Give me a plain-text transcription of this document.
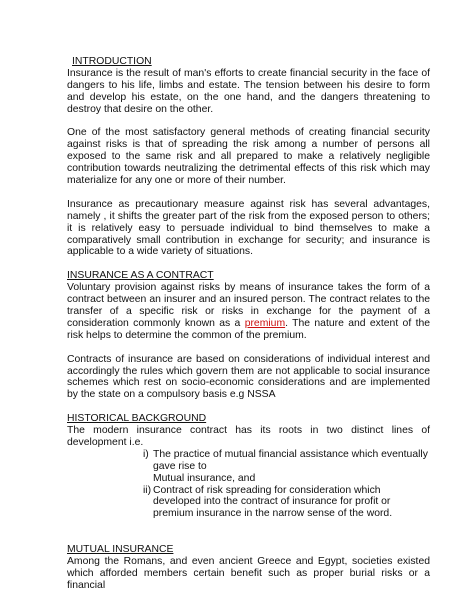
INTRODUCTION

Insurance is the result of man's efforts to create financial security in the face of dangers to his life, limbs and estate. The tension between his desire to form and develop his estate, on the one hand, and the dangers threatening to destroy that desire on the other.

One of the most satisfactory general methods of creating financial security against risks is that of spreading the risk among a number of persons all exposed to the same risk and all prepared to make a relatively negligible contribution towards neutralizing the detrimental effects of this risk which may materialize for any one or more of their number.

Insurance as precautionary measure against risk has several advantages, namely , it shifts the greater part of the risk from the exposed person to others; it is relatively easy to persuade individual to bind themselves to make a comparatively small contribution in exchange for security; and insurance is applicable to a wide variety of situations.

INSURANCE AS A CONTRACT

Voluntary provision against risks by means of insurance takes the form of a contract between an insurer and an insured person. The contract relates to the transfer of a specific risk or risks in exchange for the payment of a consideration commonly known as a premium. The nature and extent of the risk helps to determine the common of the premium.

Contracts of insurance are based on considerations of individual interest and accordingly the rules which govern them are not applicable to social insurance schemes which rest on socio-economic considerations and are implemented by the state on a compulsory basis e.g NSSA

HISTORICAL BACKGROUND

The modern insurance contract has its roots in two distinct lines of development i.e.

i) The practice of mutual financial assistance which eventually gave rise to
Mutual insurance, and
ii) Contract of risk spreading for consideration which developed into the contract of insurance for profit or premium insurance in the narrow sense of the word.

MUTUAL INSURANCE

Among the Romans, and even ancient Greece and Egypt, societies existed which afforded members certain benefit such as proper burial risks or a financial
